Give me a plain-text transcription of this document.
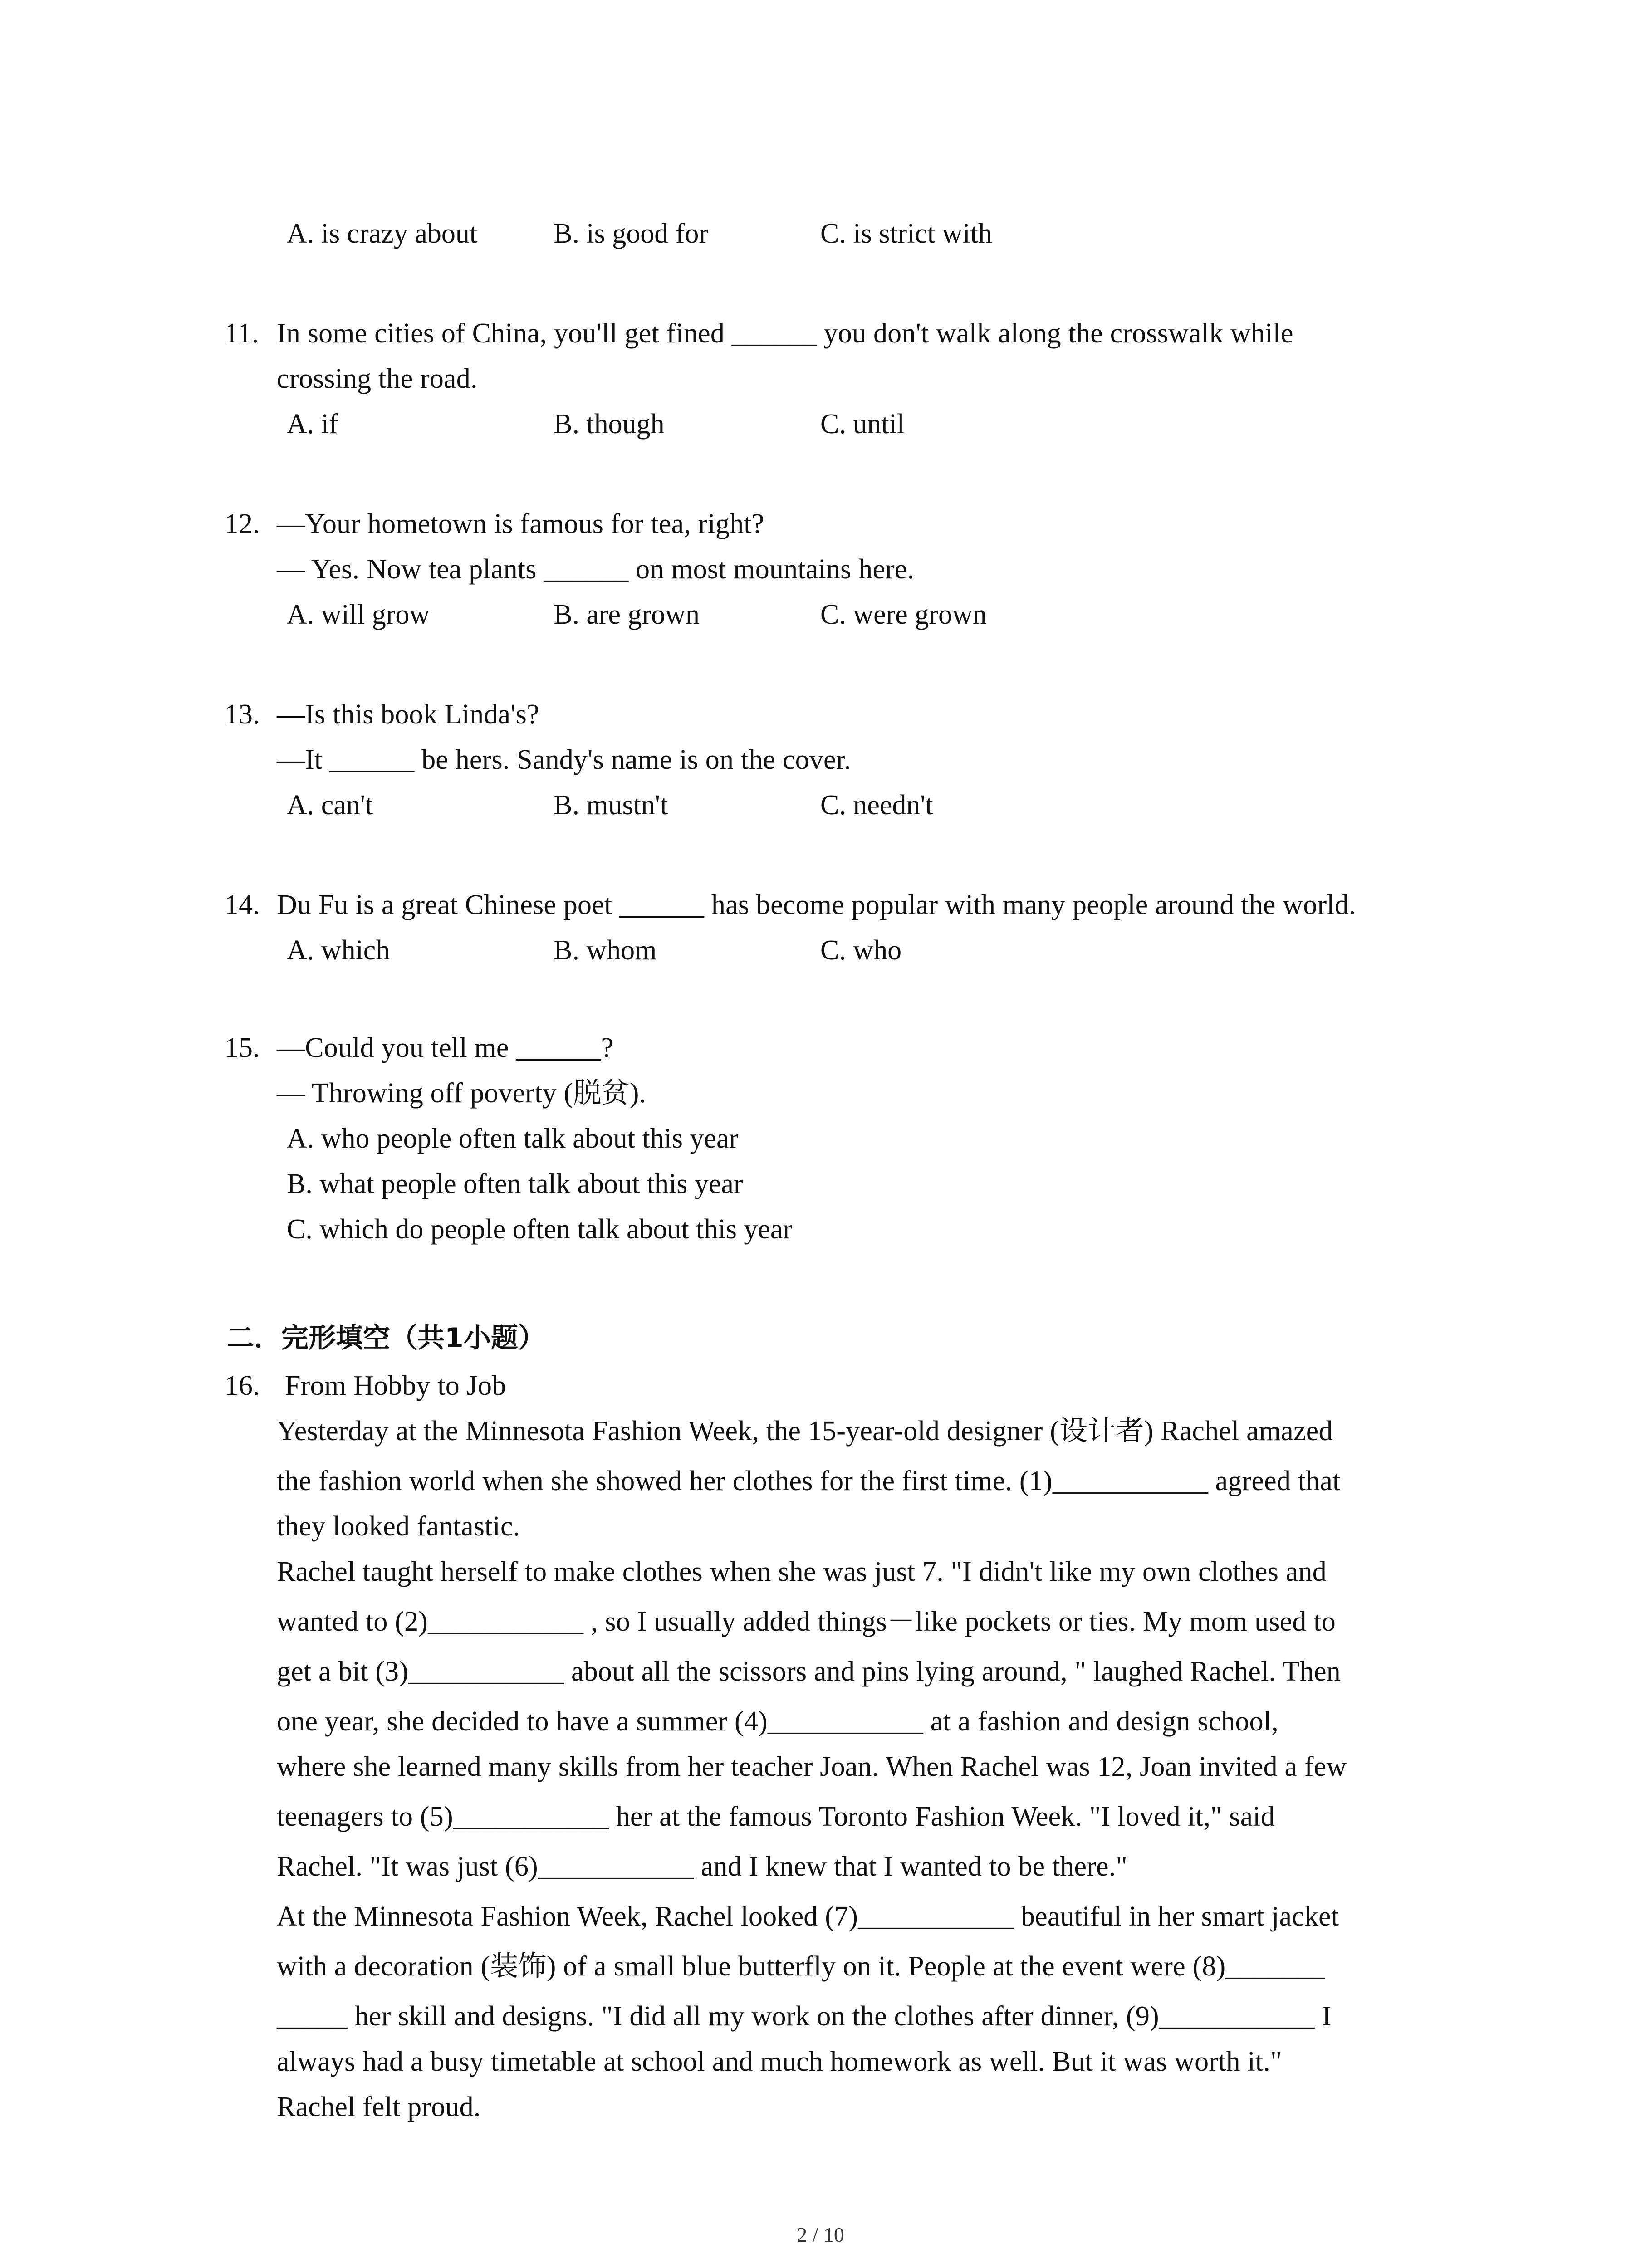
A. is crazy about	B. is good for	C. is strict with
11. In some cities of China, you'll get fined ______ you don't walk along the crosswalk while
crossing the road.
A. if	B. though	C. until
12. —Your hometown is famous for tea, right?
— Yes. Now tea plants ______ on most mountains here.
A. will grow	B. are grown	C. were grown
13. —Is this book Linda's?
—It ______ be hers. Sandy's name is on the cover.
A. can't	B. mustn't	C. needn't
14. Du Fu is a great Chinese poet ______ has become popular with many people around the world.
A. which	B. whom	C. who
15. —Could you tell me ______?
— Throwing off poverty (脱贫).
A. who people often talk about this year
B. what people often talk about this year
C. which do people often talk about this year
二．完形填空（共1小题）
16. From Hobby to Job
Yesterday at the Minnesota Fashion Week, the 15-year-old designer (设计者) Rachel amazed
the fashion world when she showed her clothes for the first time. (1)___________ agreed that
they looked fantastic.
Rachel taught herself to make clothes when she was just 7. "I didn't like my own clothes and
wanted to (2)___________ , so I usually added things－like pockets or ties. My mom used to
get a bit (3)___________ about all the scissors and pins lying around, " laughed Rachel. Then
one year, she decided to have a summer (4)___________ at a fashion and design school,
where she learned many skills from her teacher Joan. When Rachel was 12, Joan invited a few
teenagers to (5)___________ her at the famous Toronto Fashion Week. "I loved it," said
Rachel. "It was just (6)___________ and I knew that I wanted to be there."
At the Minnesota Fashion Week, Rachel looked (7)___________ beautiful in her smart jacket
with a decoration (装饰) of a small blue butterfly on it. People at the event were (8)_______
_____ her skill and designs. "I did all my work on the clothes after dinner, (9)___________ I
always had a busy timetable at school and much homework as well. But it was worth it."
Rachel felt proud.
2 / 10
